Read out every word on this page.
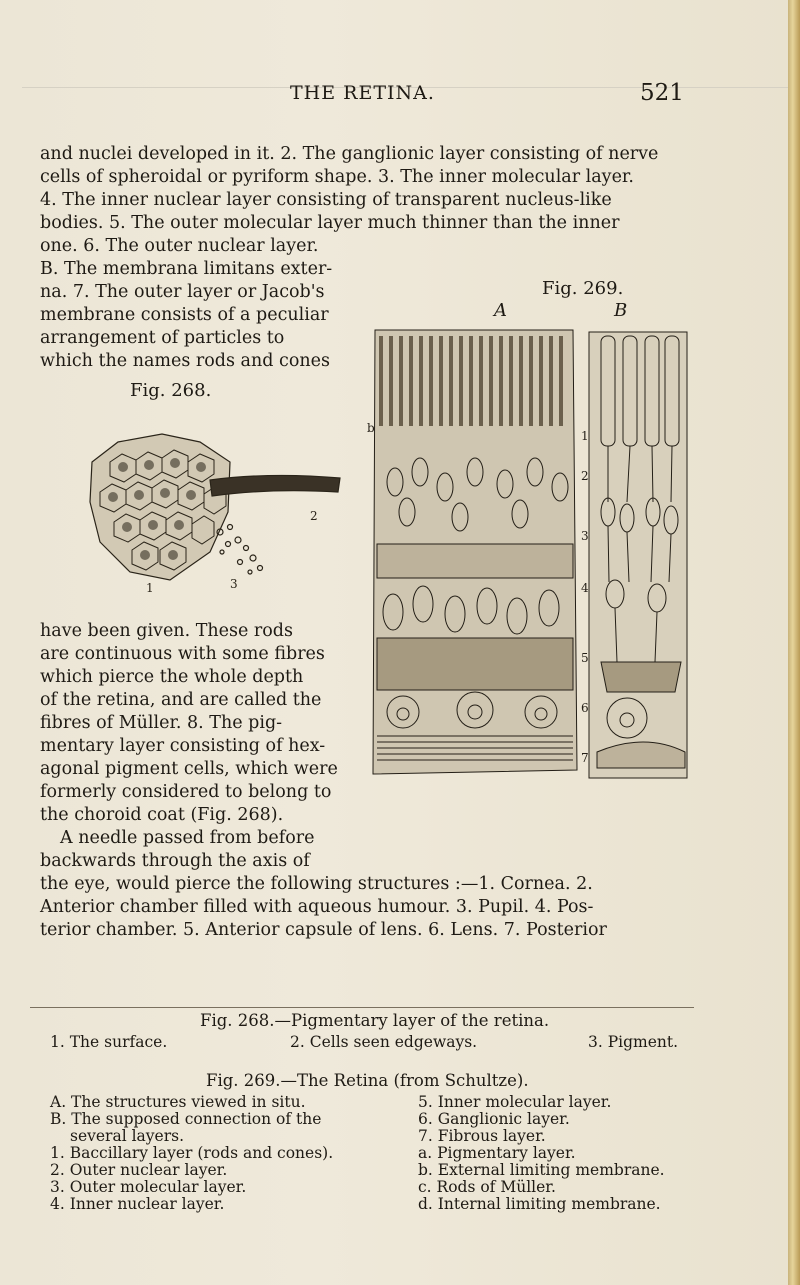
THE RETINA.	521
and nuclei developed in it. 2. The ganglionic layer consisting of nerve
cells of spheroidal or pyriform shape. 3. The inner molecular layer.
4. The inner nuclear layer consisting of transparent nucleus-like
bodies. 5. The outer molecular layer much thinner than the inner
one. 6. The outer nuclear layer.
B. The membrana limitans exter-
na. 7. The outer layer or Jacob's
membrane consists of a peculiar
arrangement of particles to
which the names rods and cones
have been given. These rods
are continuous with some fibres
which pierce the whole depth
of the retina, and are called the
fibres of Müller. 8. The pig-
mentary layer consisting of hex-
agonal pigment cells, which were
formerly considered to belong to
the choroid coat (Fig. 268).
A needle passed from before
backwards through the axis of
the eye, would pierce the following structures :—1. Cornea. 2.
Anterior chamber filled with aqueous humour. 3. Pupil. 4. Pos-
terior chamber. 5. Anterior capsule of lens. 6. Lens. 7. Posterior
Fig. 268.
1
2
3
Fig. 269.
A	B
1
2
3
4
5
6
7
b
Fig. 268.—Pigmentary layer of the retina.
1. The surface.	2. Cells seen edgeways.	3. Pigment.
Fig. 269.—The Retina (from Schultze).
A. The structures viewed in situ.
B. The supposed connection of the
several layers.
1. Baccillary layer (rods and cones).
2. Outer nuclear layer.
3. Outer molecular layer.
4. Inner nuclear layer.
5. Inner molecular layer.
6. Ganglionic layer.
7. Fibrous layer.
a. Pigmentary layer.
b. External limiting membrane.
c. Rods of Müller.
d. Internal limiting membrane.
